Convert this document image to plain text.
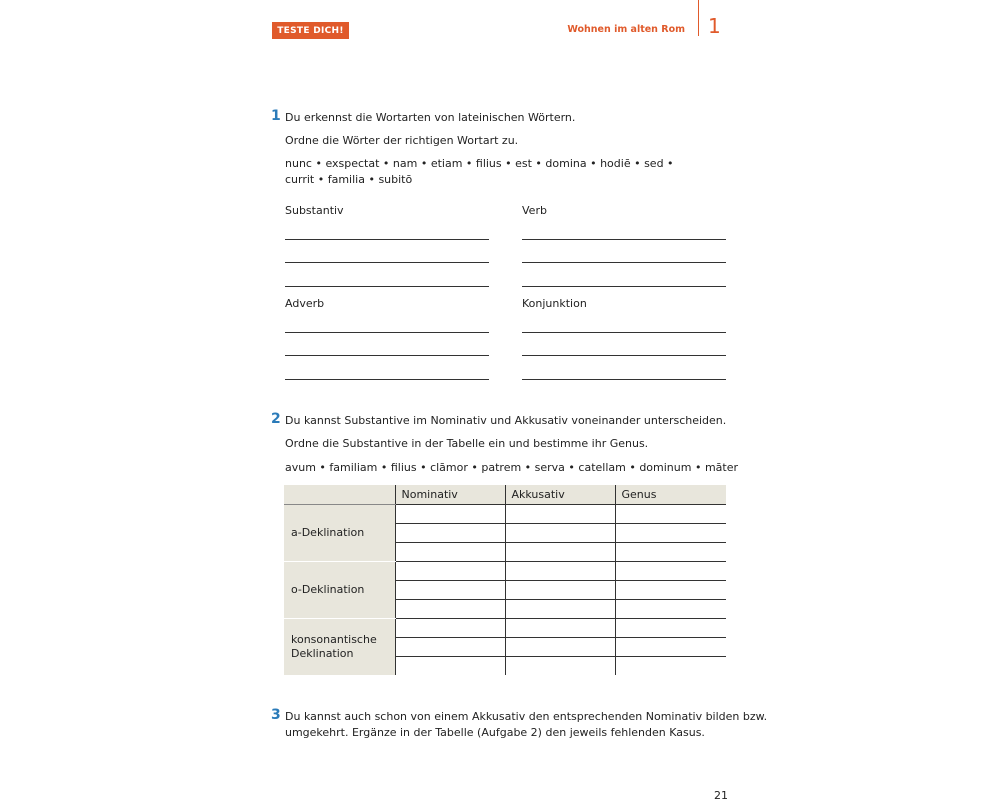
TESTE DICH!	Wohnen im alten Rom 1
1 Du erkennst die Wortarten von lateinischen Wörtern.
Ordne die Wörter der richtigen Wortart zu.
nunc • exspectat • nam • etiam • filius • est • domina • hodiē • sed •
currit • familia • subitō
Substantiv	Verb
Adverb	Konjunktion
2 Du kannst Substantive im Nominativ und Akkusativ voneinander unterscheiden.
Ordne die Substantive in der Tabelle ein und bestimme ihr Genus.
avum • familiam • filius • clāmor • patrem • serva • catellam • dominum • māter
	Nominativ	Akkusativ	Genus
a-Deklination			

o-Deklination			

konsonantische Deklination			

3 Du kannst auch schon von einem Akkusativ den entsprechenden Nominativ bilden bzw.
umgekehrt. Ergänze in der Tabelle (Aufgabe 2) den jeweils fehlenden Kasus.
21
